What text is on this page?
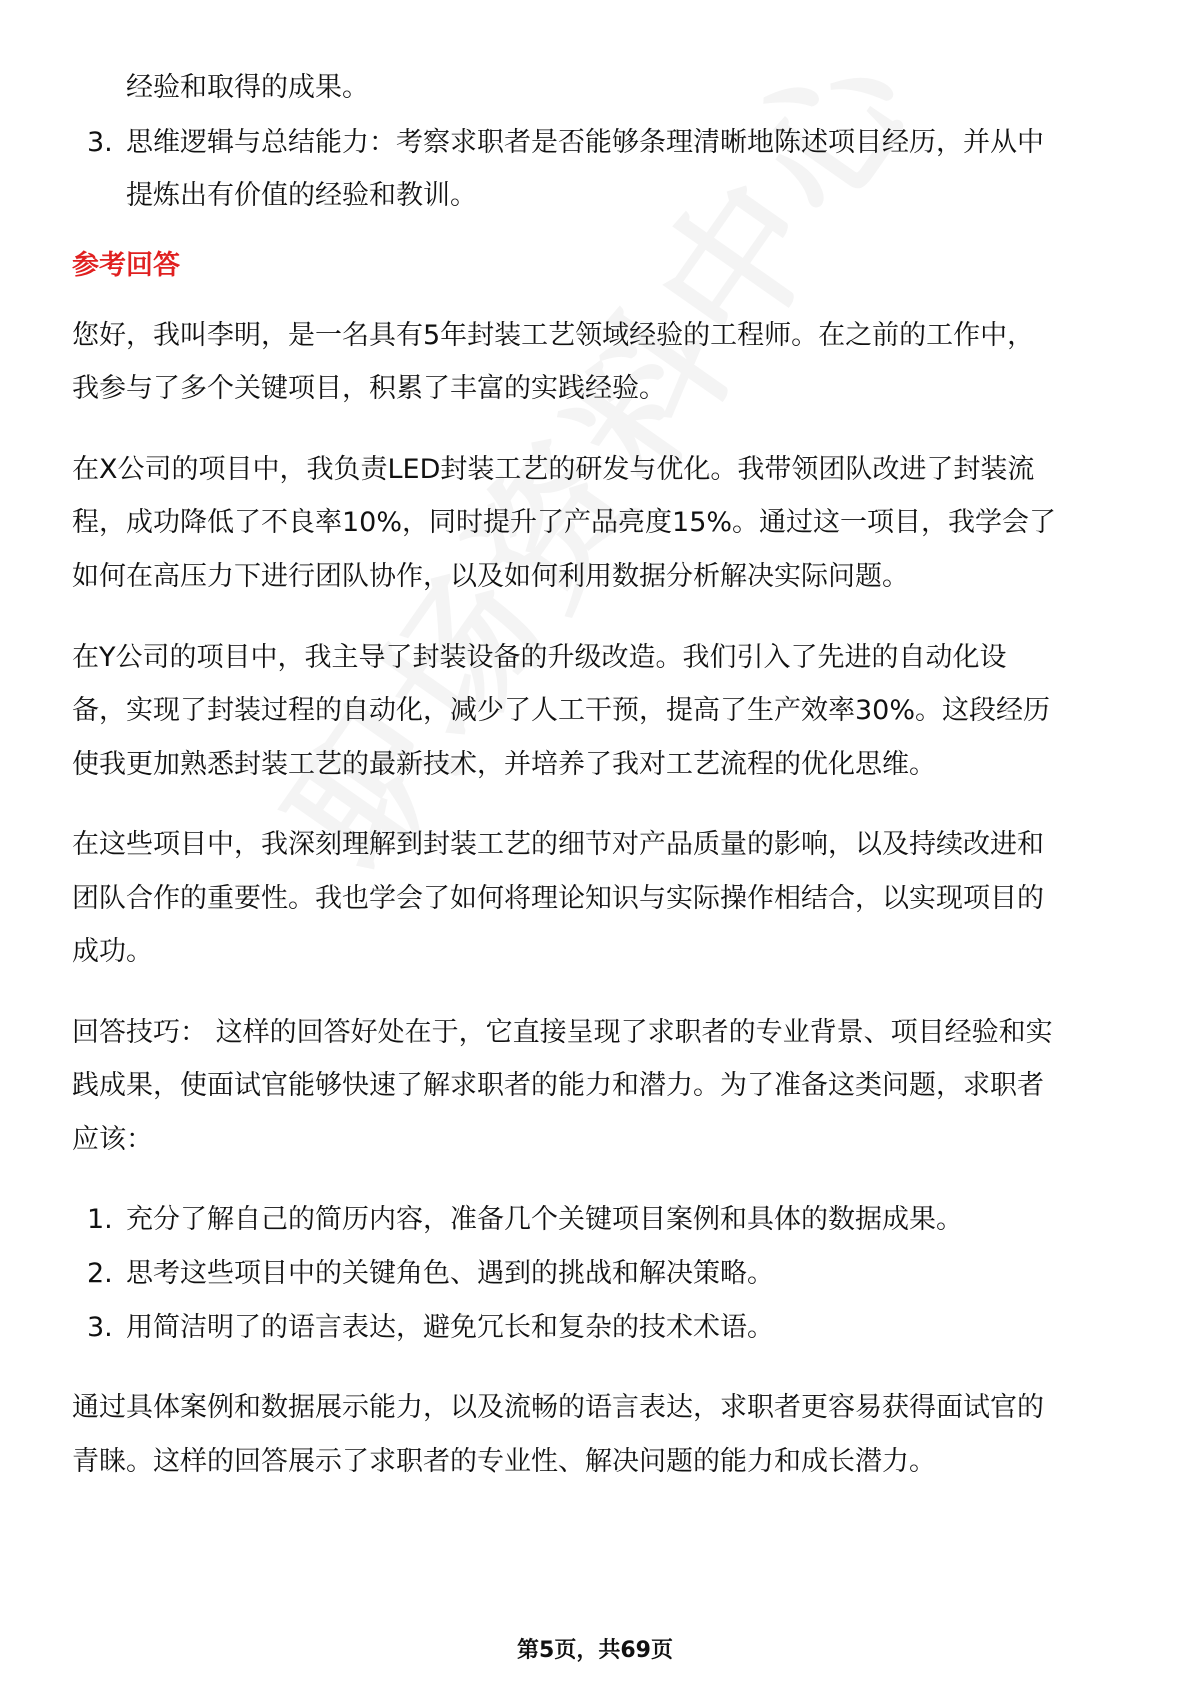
经验和取得的成果。
3. 思维逻辑与总结能力：考察求职者是否能够条理清晰地陈述项目经历，并从中
提炼出有价值的经验和教训。
参考回答
您好，我叫李明，是一名具有5年封装工艺领域经验的工程师。在之前的工作中，
我参与了多个关键项目，积累了丰富的实践经验。
在X公司的项目中，我负责LED封装工艺的研发与优化。我带领团队改进了封装流
程，成功降低了不良率10%，同时提升了产品亮度15%。通过这一项目，我学会了
如何在高压力下进行团队协作，以及如何利用数据分析解决实际问题。
在Y公司的项目中，我主导了封装设备的升级改造。我们引入了先进的自动化设
备，实现了封装过程的自动化，减少了人工干预，提高了生产效率30%。这段经历
使我更加熟悉封装工艺的最新技术，并培养了我对工艺流程的优化思维。
在这些项目中，我深刻理解到封装工艺的细节对产品质量的影响，以及持续改进和
团队合作的重要性。我也学会了如何将理论知识与实际操作相结合，以实现项目的
成功。
回答技巧： 这样的回答好处在于，它直接呈现了求职者的专业背景、项目经验和实
践成果，使面试官能够快速了解求职者的能力和潜力。为了准备这类问题，求职者
应该：
1. 充分了解自己的简历内容，准备几个关键项目案例和具体的数据成果。
2. 思考这些项目中的关键角色、遇到的挑战和解决策略。
3. 用简洁明了的语言表达，避免冗长和复杂的技术术语。
通过具体案例和数据展示能力，以及流畅的语言表达，求职者更容易获得面试官的
青睐。这样的回答展示了求职者的专业性、解决问题的能力和成长潜力。
第5页，共69页
